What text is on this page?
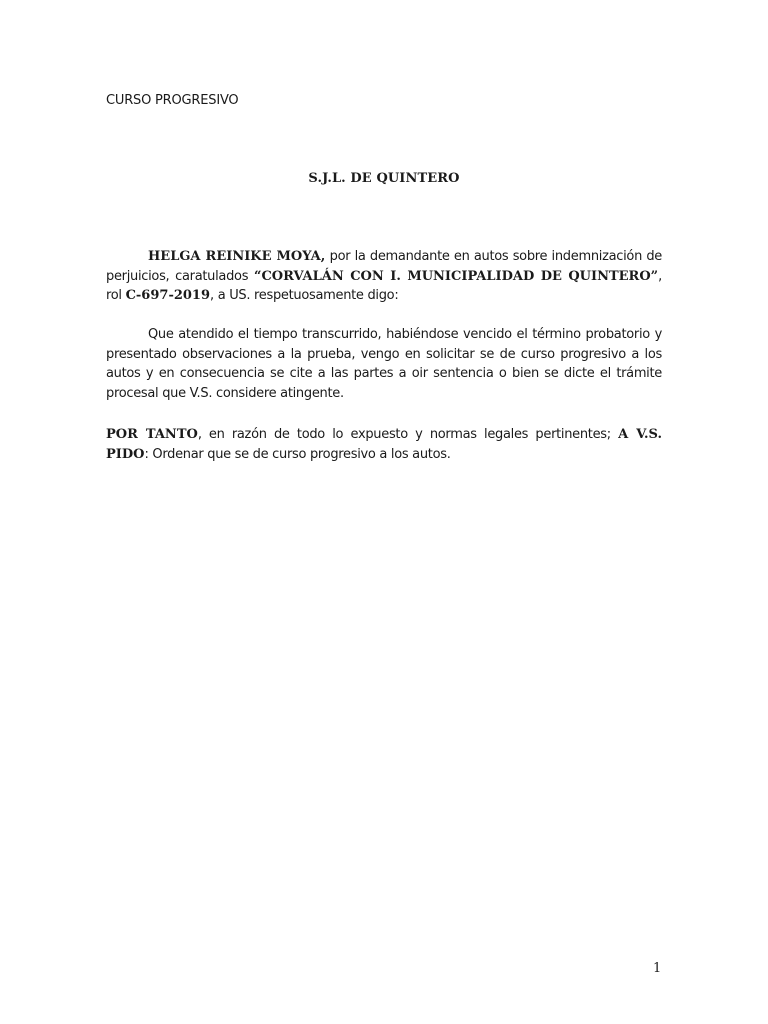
CURSO PROGRESIVO
S.J.L. DE QUINTERO
HELGA REINIKE MOYA, por la demandante en autos sobre indemnización de perjuicios, caratulados “CORVALÁN CON I. MUNICIPALIDAD DE QUINTERO”, rol C-697-2019, a US. respetuosamente digo:
Que atendido el tiempo transcurrido, habiéndose vencido el término probatorio y presentado observaciones a la prueba, vengo en solicitar se de curso progresivo a los autos y en consecuencia se cite a las partes a oir sentencia o bien se dicte el trámite procesal que V.S. considere atingente.
POR TANTO, en razón de todo lo expuesto y normas legales pertinentes; A V.S. PIDO: Ordenar que se de curso progresivo a los autos.
1
